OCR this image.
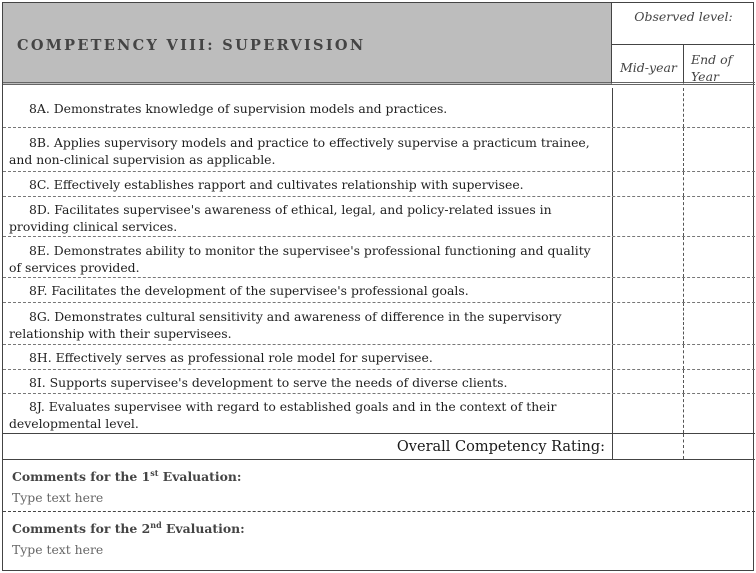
COMPETENCY VIII: SUPERVISION
Observed level:
Mid-year
End of Year
8A. Demonstrates knowledge of supervision models and practices.
8B. Applies supervisory models and practice to effectively supervise a practicum trainee, and non-clinical supervision as applicable.
8C. Effectively establishes rapport and cultivates relationship with supervisee.
8D. Facilitates supervisee's awareness of ethical, legal, and policy-related issues in providing clinical services.
8E. Demonstrates ability to monitor the supervisee's professional functioning and quality of services provided.
8F. Facilitates the development of the supervisee's professional goals.
8G. Demonstrates cultural sensitivity and awareness of difference in the supervisory relationship with their supervisees.
8H. Effectively serves as professional role model for supervisee.
8I. Supports supervisee's development to serve the needs of diverse clients.
8J. Evaluates supervisee with regard to established goals and in the context of their developmental level.
Overall Competency Rating:
Comments for the 1st Evaluation:
Type text here
Comments for the 2nd Evaluation:
Type text here
